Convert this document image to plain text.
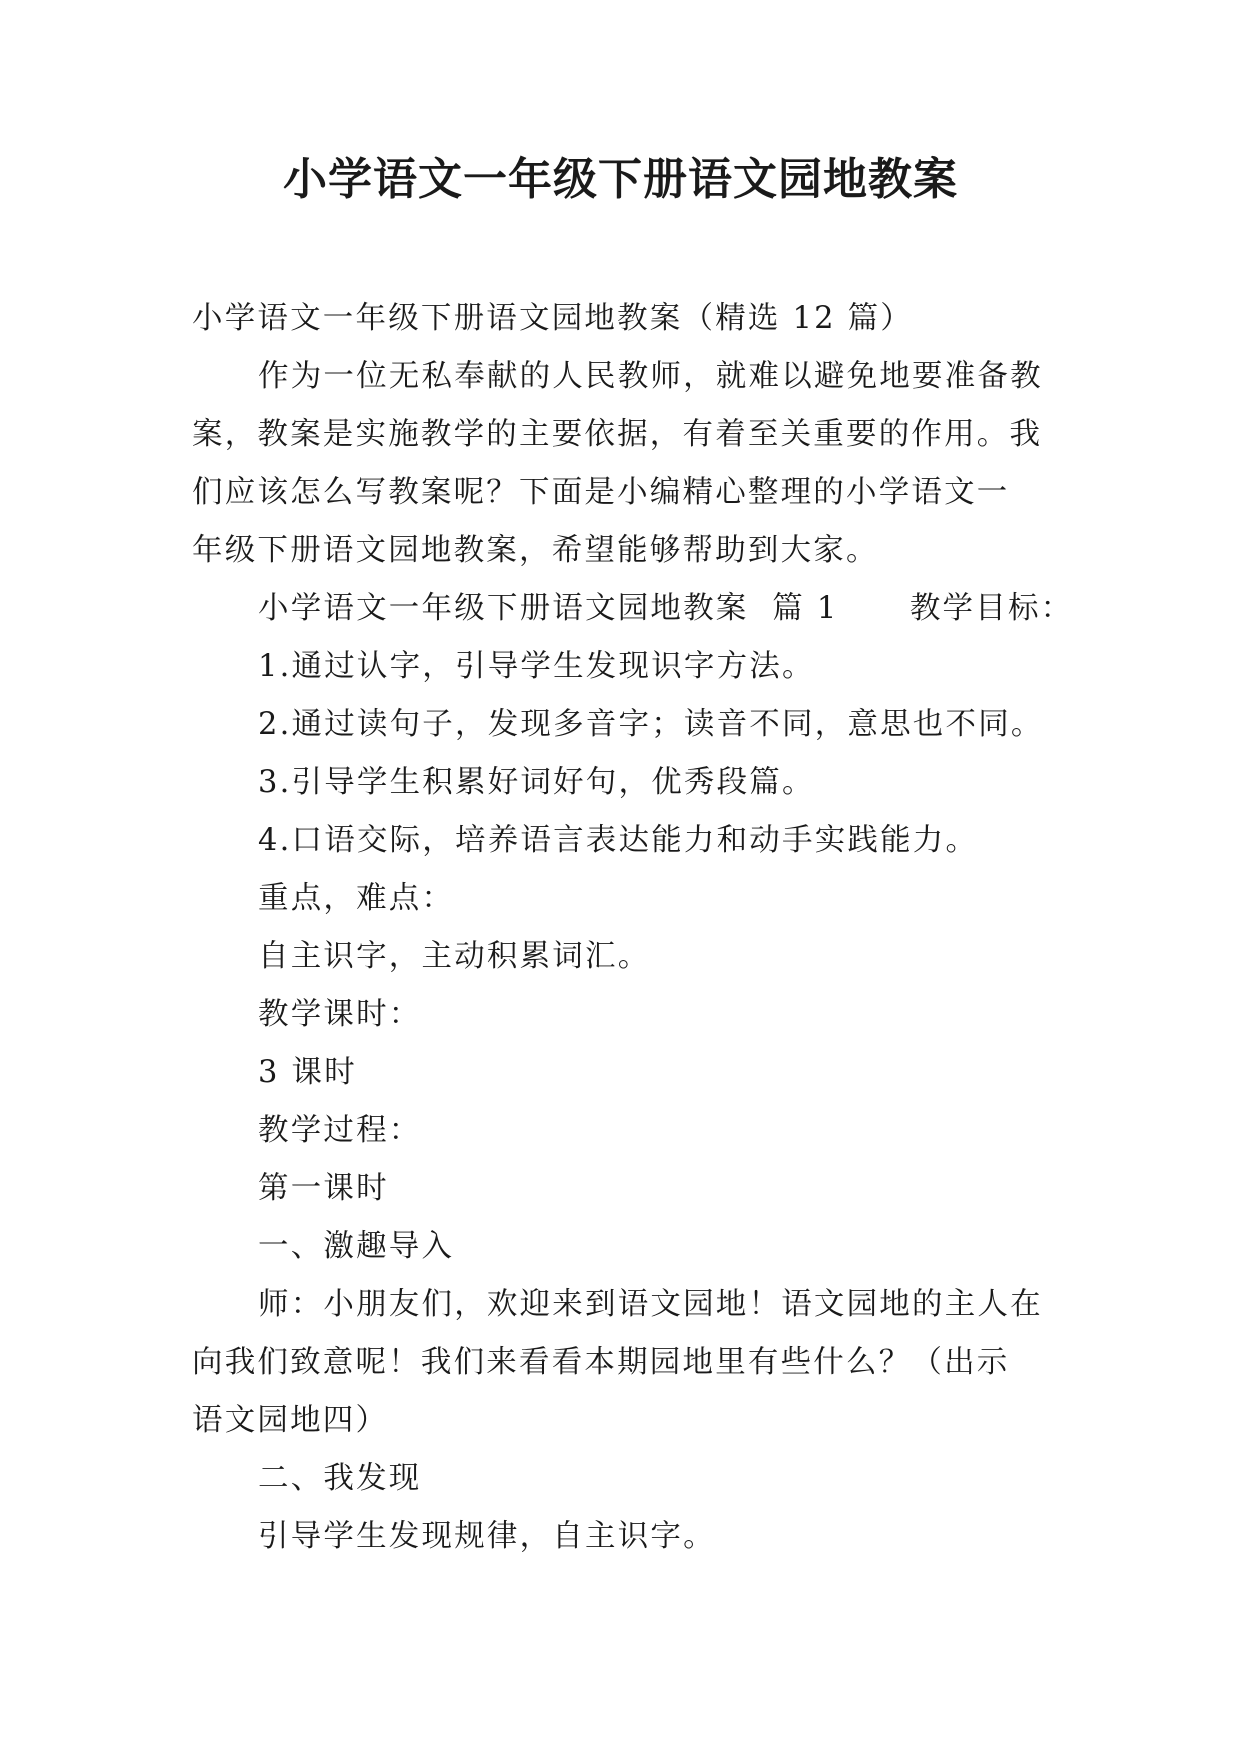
小学语文一年级下册语文园地教案

小学语文一年级下册语文园地教案（精选 12 篇）

作为一位无私奉献的人民教师，就难以避免地要准备教

案，教案是实施教学的主要依据，有着至关重要的作用。我

们应该怎么写教案呢？下面是小编精心整理的小学语文一

年级下册语文园地教案，希望能够帮助到大家。

小学语文一年级下册语文园地教案  篇 1      教学目标：

1.通过认字，引导学生发现识字方法。

2.通过读句子，发现多音字；读音不同，意思也不同。

3.引导学生积累好词好句，优秀段篇。

4.口语交际，培养语言表达能力和动手实践能力。

重点，难点：

自主识字，主动积累词汇。

教学课时：

3 课时

教学过程：

第一课时

一、激趣导入

师：小朋友们，欢迎来到语文园地！语文园地的主人在

向我们致意呢！我们来看看本期园地里有些什么？（出示

语文园地四）

二、我发现

引导学生发现规律，自主识字。
